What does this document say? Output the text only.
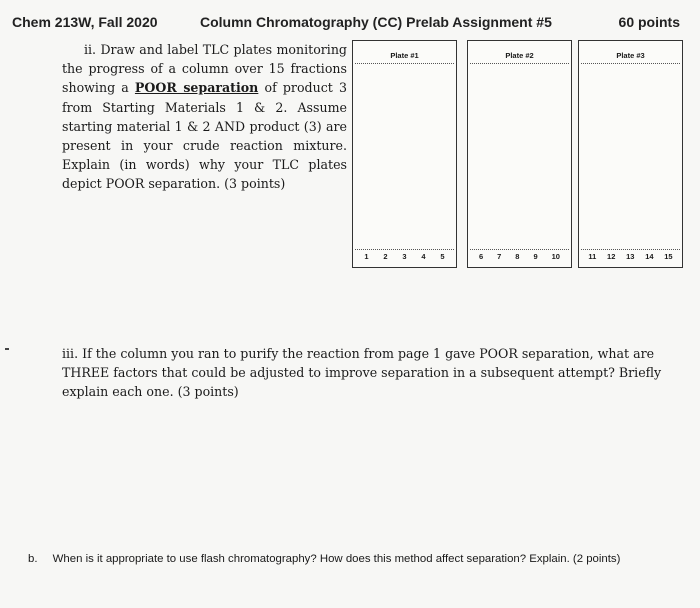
Chem 213W, Fall 2020	Column Chromatography (CC) Prelab Assignment #5	60 points
ii. Draw and label TLC plates monitoring the progress of a column over 15 fractions showing a POOR separation of product 3 from Starting Materials 1 & 2. Assume starting material 1 & 2 AND product (3) are present in your crude reaction mixture. Explain (in words) why your TLC plates depict POOR separation. (3 points)
Plate #1
1 2 3 4 5
Plate #2
6 7 8 9 10
Plate #3
11 12 13 14 15
iii. If the column you ran to purify the reaction from page 1 gave POOR separation, what are THREE factors that could be adjusted to improve separation in a subsequent attempt? Briefly explain each one. (3 points)
b. When is it appropriate to use flash chromatography? How does this method affect separation? Explain. (2 points)
